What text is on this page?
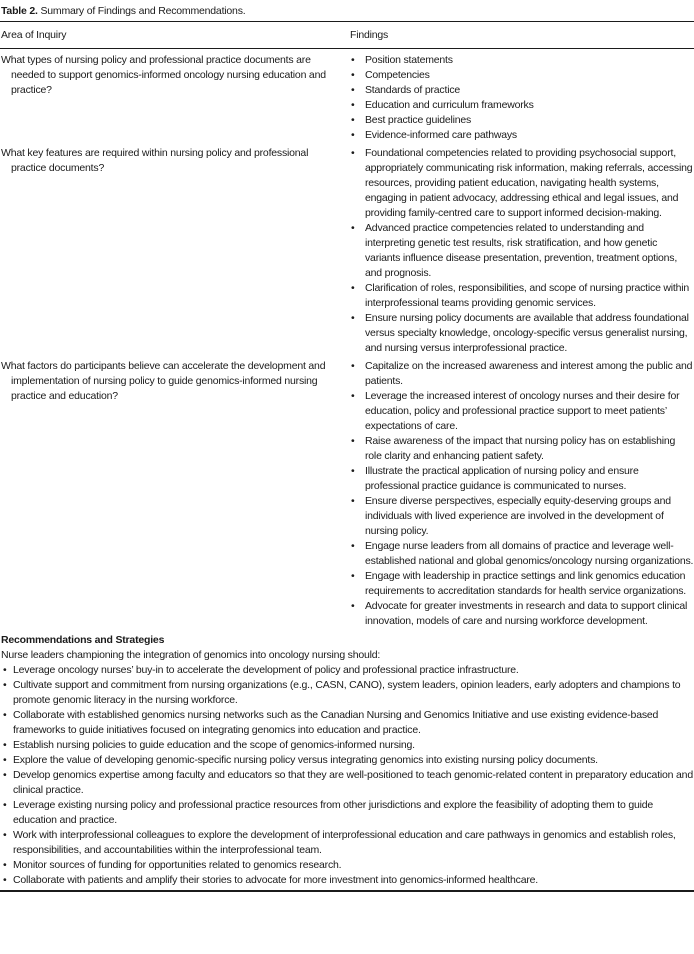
Table 2. Summary of Findings and Recommendations.
Area of Inquiry	Findings
What types of nursing policy and professional practice documents are needed to support genomics-informed oncology nursing education and practice?
• Position statements
• Competencies
• Standards of practice
• Education and curriculum frameworks
• Best practice guidelines
• Evidence-informed care pathways
What key features are required within nursing policy and professional practice documents?
• Foundational competencies related to providing psychosocial support, appropriately communicating risk information, making referrals, accessing resources, providing patient education, navigating health systems, engaging in patient advocacy, addressing ethical and legal issues, and providing family-centred care to support informed decision-making.
• Advanced practice competencies related to understanding and interpreting genetic test results, risk stratification, and how genetic variants influence disease presentation, prevention, treatment options, and prognosis.
• Clarification of roles, responsibilities, and scope of nursing practice within interprofessional teams providing genomic services.
• Ensure nursing policy documents are available that address foundational versus specialty knowledge, oncology-specific versus generalist nursing, and nursing versus interprofessional practice.
What factors do participants believe can accelerate the development and implementation of nursing policy to guide genomics-informed nursing practice and education?
• Capitalize on the increased awareness and interest among the public and patients.
• Leverage the increased interest of oncology nurses and their desire for education, policy and professional practice support to meet patients’ expectations of care.
• Raise awareness of the impact that nursing policy has on establishing role clarity and enhancing patient safety.
• Illustrate the practical application of nursing policy and ensure professional practice guidance is communicated to nurses.
• Ensure diverse perspectives, especially equity-deserving groups and individuals with lived experience are involved in the development of nursing policy.
• Engage nurse leaders from all domains of practice and leverage well-established national and global genomics/oncology nursing organizations.
• Engage with leadership in practice settings and link genomics education requirements to accreditation standards for health service organizations.
• Advocate for greater investments in research and data to support clinical innovation, models of care and nursing workforce development.
Recommendations and Strategies
Nurse leaders championing the integration of genomics into oncology nursing should:
• Leverage oncology nurses’ buy-in to accelerate the development of policy and professional practice infrastructure.
• Cultivate support and commitment from nursing organizations (e.g., CASN, CANO), system leaders, opinion leaders, early adopters and champions to promote genomic literacy in the nursing workforce.
• Collaborate with established genomics nursing networks such as the Canadian Nursing and Genomics Initiative and use existing evidence-based frameworks to guide initiatives focused on integrating genomics into education and practice.
• Establish nursing policies to guide education and the scope of genomics-informed nursing.
• Explore the value of developing genomic-specific nursing policy versus integrating genomics into existing nursing policy documents.
• Develop genomics expertise among faculty and educators so that they are well-positioned to teach genomic-related content in preparatory education and clinical practice.
• Leverage existing nursing policy and professional practice resources from other jurisdictions and explore the feasibility of adopting them to guide education and practice.
• Work with interprofessional colleagues to explore the development of interprofessional education and care pathways in genomics and establish roles, responsibilities, and accountabilities within the interprofessional team.
• Monitor sources of funding for opportunities related to genomics research.
• Collaborate with patients and amplify their stories to advocate for more investment into genomics-informed healthcare.
